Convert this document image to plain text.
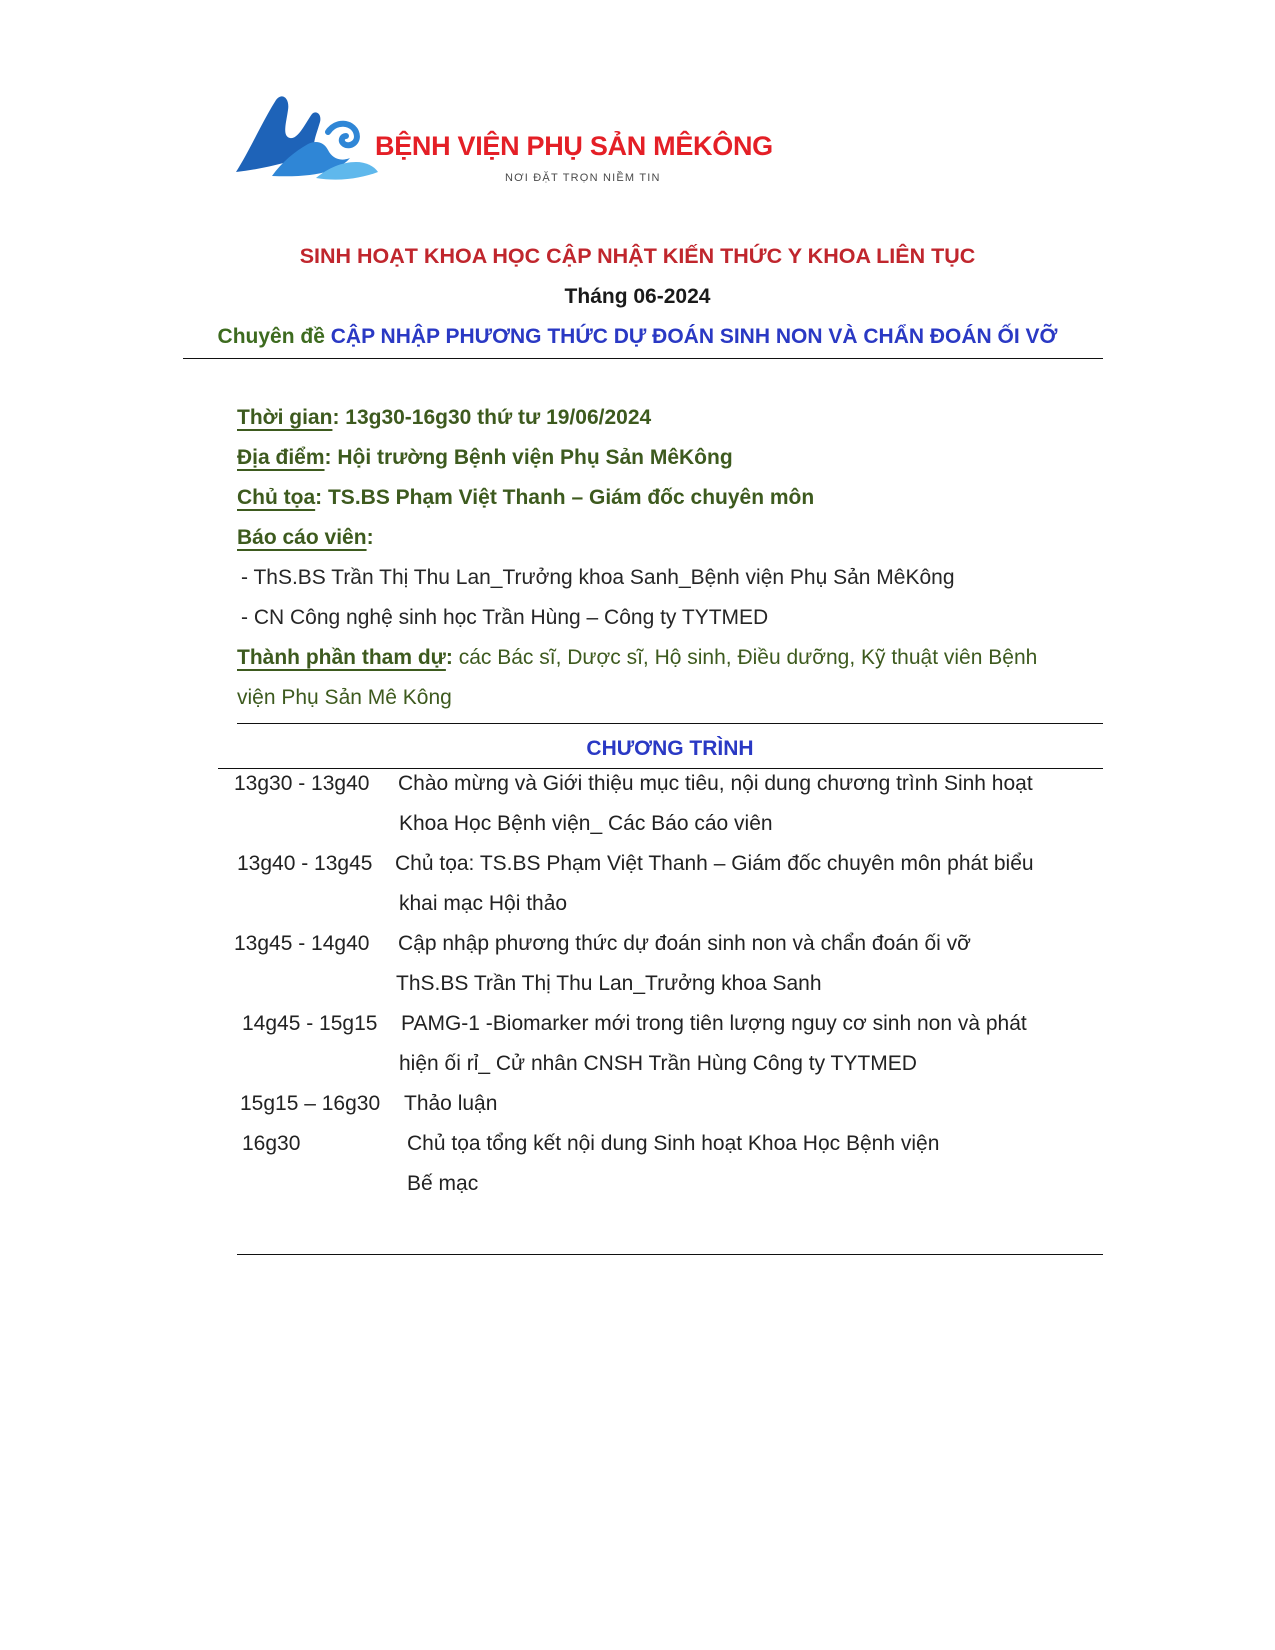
BỆNH VIỆN PHỤ SẢN MÊKÔNG
NƠI ĐẶT TRỌN NIỀM TIN
SINH HOẠT KHOA HỌC CẬP NHẬT KIẾN THỨC Y KHOA LIÊN TỤC
Tháng 06-2024
Chuyên đề CẬP NHẬP PHƯƠNG THỨC DỰ ĐOÁN SINH NON VÀ CHẨN ĐOÁN ỐI VỠ
Thời gian: 13g30-16g30 thứ tư 19/06/2024
Địa điểm: Hội trường Bệnh viện Phụ Sản MêKông
Chủ tọa: TS.BS Phạm Việt Thanh – Giám đốc chuyên môn
Báo cáo viên:
- ThS.BS Trần Thị Thu Lan_Trưởng khoa Sanh_Bệnh viện Phụ Sản MêKông
- CN Công nghệ sinh học Trần Hùng – Công ty TYTMED
Thành phần tham dự: các Bác sĩ, Dược sĩ, Hộ sinh, Điều dưỡng, Kỹ thuật viên Bệnh
viện Phụ Sản Mê Kông
CHƯƠNG TRÌNH
13g30 - 13g40 Chào mừng và Giới thiệu mục tiêu, nội dung chương trình Sinh hoạt
Khoa Học Bệnh viện_ Các Báo cáo viên
13g40 - 13g45 Chủ tọa: TS.BS Phạm Việt Thanh – Giám đốc chuyên môn phát biểu
khai mạc Hội thảo
13g45 - 14g40 Cập nhập phương thức dự đoán sinh non và chẩn đoán ối vỡ
ThS.BS Trần Thị Thu Lan_Trưởng khoa Sanh
14g45 - 15g15 PAMG-1 -Biomarker mới trong tiên lượng nguy cơ sinh non và phát
hiện ối rỉ_ Cử nhân CNSH Trần Hùng Công ty TYTMED
15g15 – 16g30 Thảo luận
16g30	Chủ tọa tổng kết nội dung Sinh hoạt Khoa Học Bệnh viện
Bế mạc
